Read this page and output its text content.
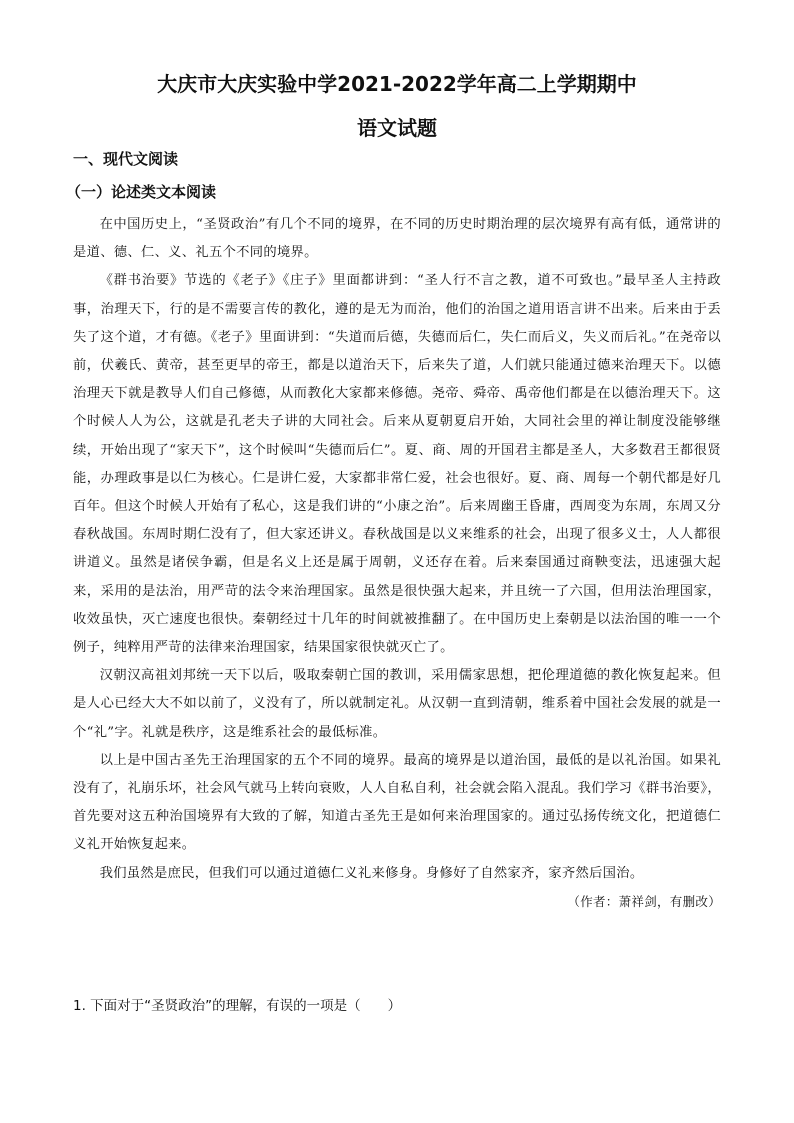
大庆市大庆实验中学2021-2022学年高二上学期期中
语文试题
一、现代文阅读
（一）论述类文本阅读

在中国历史上，“圣贤政治”有几个不同的境界，在不同的历史时期治理的层次境界有高有低，通常讲的是道、德、仁、义、礼五个不同的境界。

《群书治要》节选的《老子》《庄子》里面都讲到：“圣人行不言之教，道不可致也。”最早圣人主持政事，治理天下，行的是不需要言传的教化，遵的是无为而治，他们的治国之道用语言讲不出来。后来由于丢失了这个道，才有德。《老子》里面讲到：“失道而后德，失德而后仁，失仁而后义，失义而后礼。”在尧帝以前，伏羲氏、黄帝，甚至更早的帝王，都是以道治天下，后来失了道，人们就只能通过德来治理天下。以德治理天下就是教导人们自己修德，从而教化大家都来修德。尧帝、舜帝、禹帝他们都是在以德治理天下。这个时候人人为公，这就是孔老夫子讲的大同社会。后来从夏朝夏启开始，大同社会里的禅让制度没能够继续，开始出现了“家天下”，这个时候叫“失德而后仁”。夏、商、周的开国君主都是圣人，大多数君王都很贤能，办理政事是以仁为核心。仁是讲仁爱，大家都非常仁爱，社会也很好。夏、商、周每一个朝代都是好几百年。但这个时候人开始有了私心，这是我们讲的“小康之治”。后来周幽王昏庸，西周变为东周，东周又分春秋战国。东周时期仁没有了，但大家还讲义。春秋战国是以义来维系的社会，出现了很多义士，人人都很讲道义。虽然是诸侯争霸，但是名义上还是属于周朝，义还存在着。后来秦国通过商鞅变法，迅速强大起来，采用的是法治，用严苛的法令来治理国家。虽然是很快强大起来，并且统一了六国，但用法治理国家，收效虽快，灭亡速度也很快。秦朝经过十几年的时间就被推翻了。在中国历史上秦朝是以法治国的唯一一个例子，纯粹用严苛的法律来治理国家，结果国家很快就灭亡了。

汉朝汉高祖刘邦统一天下以后，吸取秦朝亡国的教训，采用儒家思想，把伦理道德的教化恢复起来。但是人心已经大大不如以前了，义没有了，所以就制定礼。从汉朝一直到清朝，维系着中国社会发展的就是一个“礼”字。礼就是秩序，这是维系社会的最低标准。

以上是中国古圣先王治理国家的五个不同的境界。最高的境界是以道治国，最低的是以礼治国。如果礼没有了，礼崩乐坏，社会风气就马上转向衰败，人人自私自利，社会就会陷入混乱。我们学习《群书治要》，首先要对这五种治国境界有大致的了解，知道古圣先王是如何来治理国家的。通过弘扬传统文化，把道德仁义礼开始恢复起来。

我们虽然是庶民，但我们可以通过道德仁义礼来修身。身修好了自然家齐，家齐然后国治。

（作者：萧祥剑，有删改）

1. 下面对于“圣贤政治”的理解，有误的一项是（　　）
